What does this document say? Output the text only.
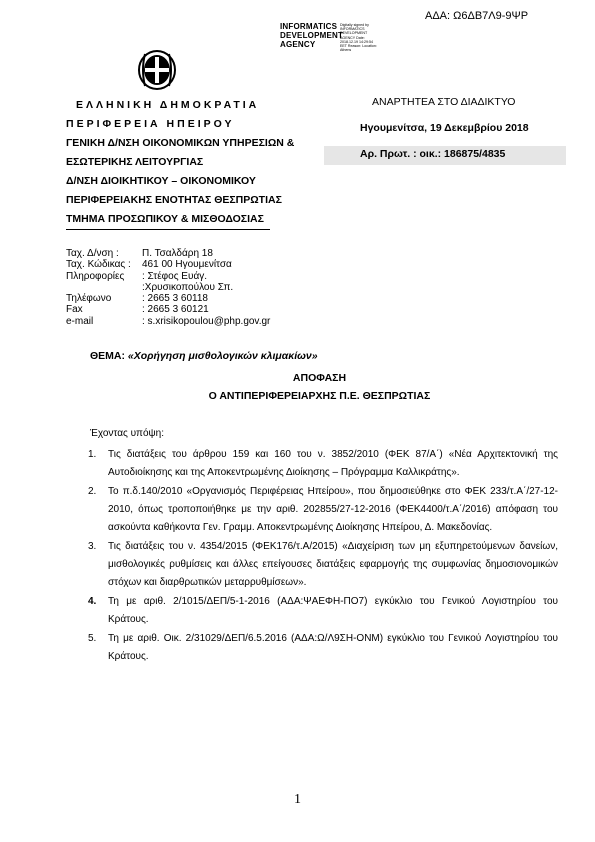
ΑΔΑ: Ω6ΔΒ7Λ9-9ΨΡ
INFORMATICS
DEVELOPMENT
AGENCY
Digitally signed by INFORMATICS DEVELOPMENT AGENCY Date: 2018.12.19 14:29:54 EET Reason: Location: Athens
ΕΛΛΗΝΙΚΗ ΔΗΜΟΚΡΑΤΙΑ
ΠΕΡΙΦΕΡΕΙΑ ΗΠΕΙΡΟΥ
ΓΕΝΙΚΗ Δ/ΝΣΗ ΟΙΚΟΝΟΜΙΚΩΝ ΥΠΗΡΕΣΙΩΝ &
ΕΣΩΤΕΡΙΚΗΣ ΛΕΙΤΟΥΡΓΙΑΣ
Δ/ΝΣΗ ΔΙΟΙΚΗΤΙΚΟΥ – ΟΙΚΟΝΟΜΙΚΟΥ
ΠΕΡΙΦΕΡΕΙΑΚΗΣ ΕΝΟΤΗΤΑΣ ΘΕΣΠΡΩΤΙΑΣ
ΤΜΗΜΑ ΠΡΟΣΩΠΙΚΟΥ & ΜΙΣΘΟΔΟΣΙΑΣ
ΑΝΑΡΤΗΤΕΑ ΣΤΟ ΔΙΑΔΙΚΤΥΟ
Ηγουμενίτσα, 19 Δεκεμβρίου 2018
Αρ. Πρωτ. : οικ.: 186875/4835
Ταχ. Δ/νση :	Π. Τσαλδάρη 18
Ταχ. Κώδικας :	461 00 Ηγουμενίτσα
Πληροφορίες	: Στέφος Ευάγ.
:Χρυσικοπούλου Σπ.
Τηλέφωνο	: 2665 3 60118
Fax	: 2665 3 60121
e-mail	: s.xrisikopoulou@php.gov.gr
ΘΕΜΑ: «Χορήγηση μισθολογικών κλιμακίων»
ΑΠΟΦΑΣΗ
Ο ΑΝΤΙΠΕΡΙΦΕΡΕΙΑΡΧΗΣ Π.Ε. ΘΕΣΠΡΩΤΙΑΣ
Έχοντας υπόψη:
1.	Τις διατάξεις του άρθρου 159 και 160 του ν. 3852/2010 (ΦΕΚ 87/Α΄) «Νέα Αρχιτεκτονική της Αυτοδιοίκησης και της Αποκεντρωμένης Διοίκησης – Πρόγραμμα Καλλικράτης».
2.	Το π.δ.140/2010 «Οργανισμός Περιφέρειας Ηπείρου», που δημοσιεύθηκε στο ΦΕΚ 233/τ.Α΄/27-12-2010, όπως τροποποιήθηκε με την αριθ. 202855/27-12-2016 (ΦΕΚ4400/τ.Α΄/2016) απόφαση του ασκούντα καθήκοντα Γεν. Γραμμ. Αποκεντρωμένης Διοίκησης Ηπείρου, Δ. Μακεδονίας.
3.	Τις διατάξεις του ν. 4354/2015 (ΦΕΚ176/τ.Α/2015) «Διαχείριση των μη εξυπηρετούμενων δανείων, μισθολογικές ρυθμίσεις και άλλες επείγουσες διατάξεις εφαρμογής της συμφωνίας δημοσιονομικών στόχων και διαρθρωτικών μεταρρυθμίσεων».
4.	Τη με αριθ. 2/1015/ΔΕΠ/5-1-2016 (ΑΔΑ:ΨΑΕΦΗ-ΠΟ7) εγκύκλιο του Γενικού Λογιστηρίου του Κράτους.
5.	Τη με αριθ. Οικ. 2/31029/ΔΕΠ/6.5.2016 (ΑΔΑ:Ω/Λ9ΣΗ-ΟΝΜ) εγκύκλιο του Γενικού Λογιστηρίου του Κράτους.
1
